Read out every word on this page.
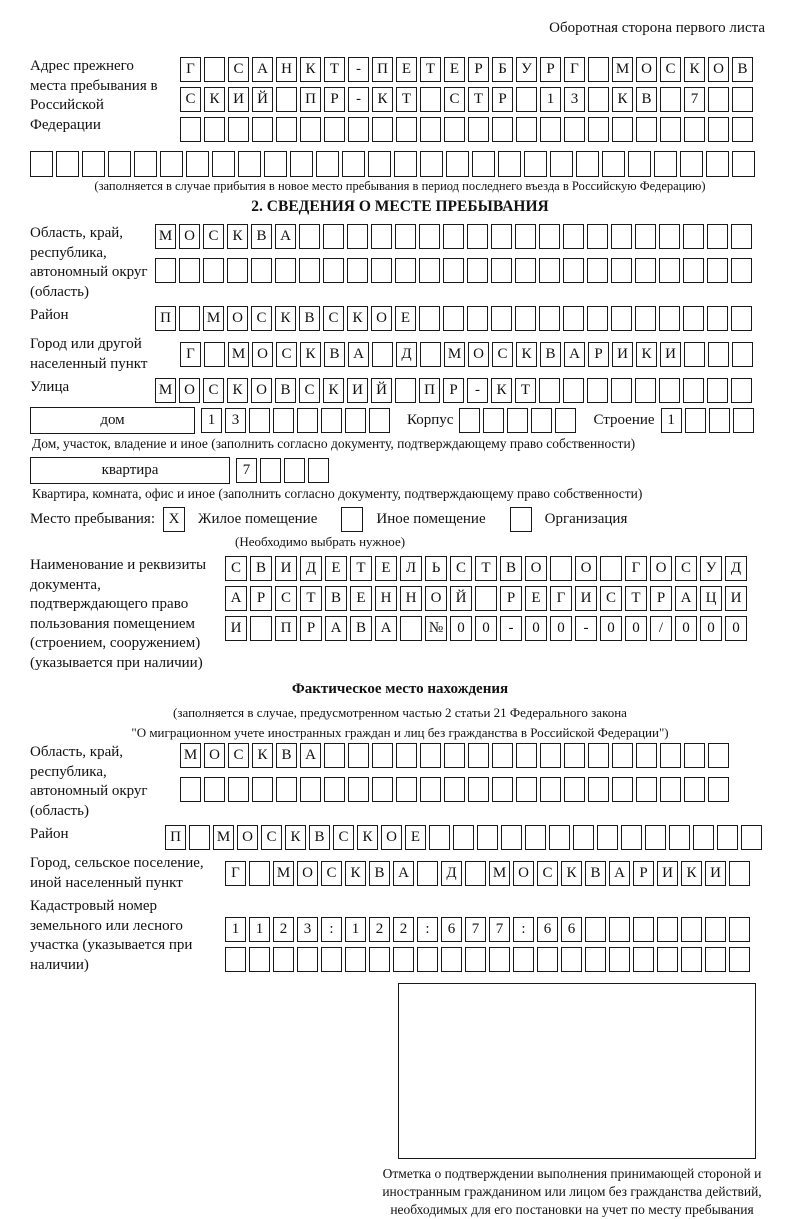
Оборотная сторона первого листа
Адрес прежнего места пребывания в Российской Федерации
Г	С А Н К Т - П Е Т Е Р Б У Р Г М О С К О В
С К И Й П Р - К Т	С Т Р	1 3	К В	7
(заполняется в случае прибытия в новое место пребывания в период последнего въезда в Российскую Федерацию)
2. СВЕДЕНИЯ О МЕСТЕ ПРЕБЫВАНИЯ
Область, край, республика, автономный округ (область)
М О С К В А
Район	П М О С К В С К О Е
Город или другой населенный пункт
Г М О С К В А Д М О С К В А Р И К И
Улица	М О С К О В С К И Й П Р - К Т
дом	1 3	Корпус	Строение 1
Дом, участок, владение и иное (заполнить согласно документу, подтверждающему право собственности)
квартира	7
Квартира, комната, офис и иное (заполнить согласно документу, подтверждающему право собственности)
Место пребывания: X	Жилое помещение	Иное помещение	Организация
(Необходимо выбрать нужное)
Наименование и реквизиты документа, подтверждающего право пользования помещением (строением, сооружением) (указывается при наличии)
С В И Д Е Т Е Л Ь С Т В О	О	Г О С У Д
А Р С Т В Е Н Н О Й	Р Е Г И С Т Р А Ц И
И	П Р А В А № 0 0 - 0 0 - 0 0 / 0 0 0
Фактическое место нахождения
(заполняется в случае, предусмотренном частью 2 статьи 21 Федерального закона
"О миграционном учете иностранных граждан и лиц без гражданства в Российской Федерации")
Область, край, республика, автономный округ (область)
М О С К В А
Район	П М О С К В С К О Е
Город, сельское поселение, иной населенный пункт
Г М О С К В А Д М О С К В А Р И К И
Кадастровый номер земельного или лесного участка (указывается при наличии)
1 1 2 3 : 1 2 2 : 6 7 7 : 6 6
Отметка о подтверждении выполнения принимающей стороной и иностранным гражданином или лицом без гражданства действий, необходимых для его постановки на учет по месту пребывания
